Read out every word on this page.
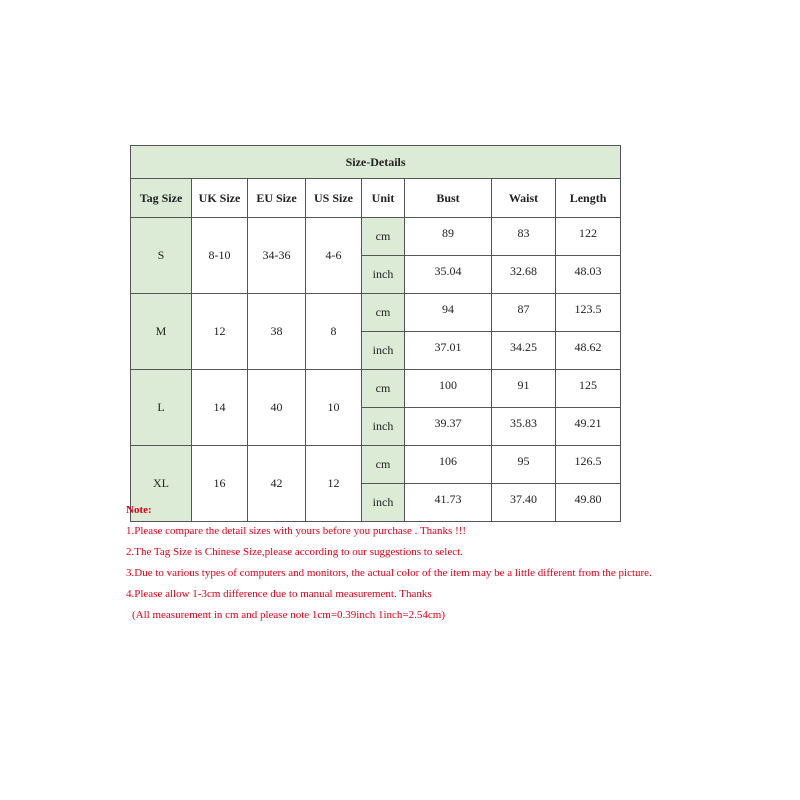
Size-Details							
Tag Size	UK Size	EU Size	US Size	Unit	Bust	Waist	Length
S	8-10	34-36	4-6	cm	89	83	122
				inch	35.04	32.68	48.03
M	12	38	8	cm	94	87	123.5
				inch	37.01	34.25	48.62
L	14	40	10	cm	100	91	125
				inch	39.37	35.83	49.21
XL	16	42	12	cm	106	95	126.5
				inch	41.73	37.40	49.80
Note:
1.Please compare the detail sizes with yours before you purchase . Thanks !!!
2.The Tag Size is Chinese Size,please according to our suggestions to select.
3.Due to various types of computers and monitors, the actual color of the item may be a little different from the picture.
4.Please allow 1-3cm difference due to manual measurement. Thanks
(All measurement in cm and please note 1cm=0.39inch 1inch=2.54cm)
